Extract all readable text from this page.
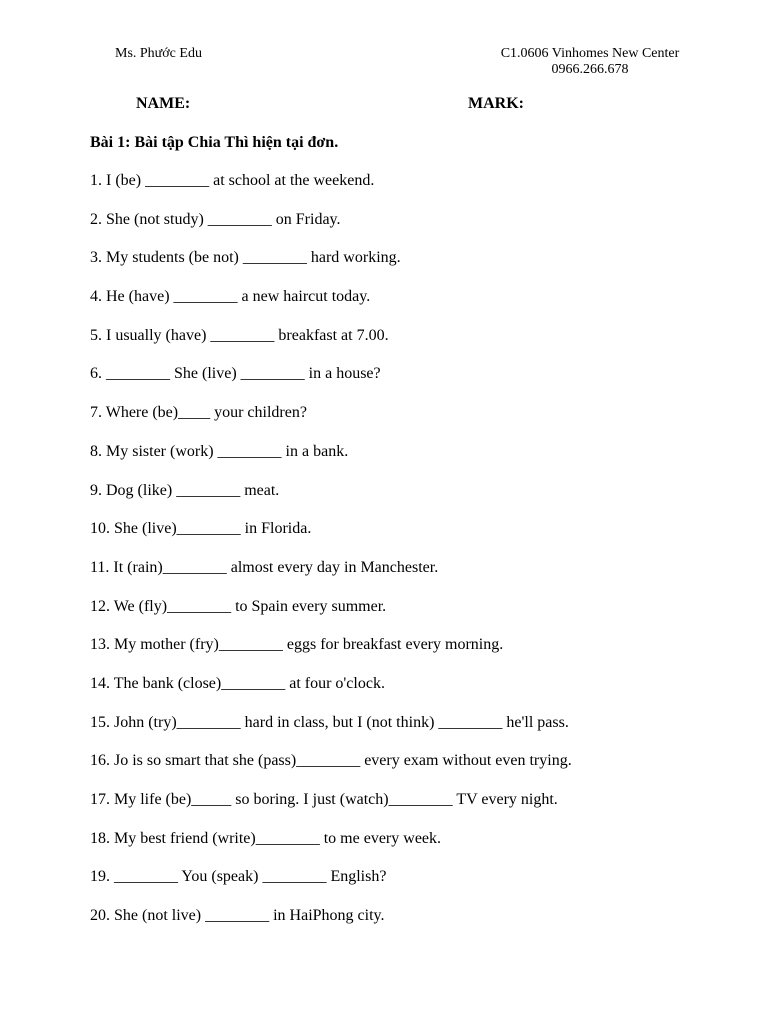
Ms. Phước Edu	C1.0606 Vinhomes New Center
0966.266.678
NAME:	MARK:
Bài 1: Bài tập Chia Thì hiện tại đơn.
1. I (be) ________ at school at the weekend.
2. She (not study) ________ on Friday.
3. My students (be not) ________ hard working.
4. He (have) ________ a new haircut today.
5. I usually (have) ________ breakfast at 7.00.
6. ________ She (live) ________ in a house?
7. Where (be)____ your children?
8. My sister (work) ________ in a bank.
9. Dog (like) ________ meat.
10. She (live)________ in Florida.
11. It (rain)________ almost every day in Manchester.
12. We (fly)________ to Spain every summer.
13. My mother (fry)________ eggs for breakfast every morning.
14. The bank (close)________ at four o'clock.
15. John (try)________ hard in class, but I (not think) ________ he'll pass.
16. Jo is so smart that she (pass)________ every exam without even trying.
17. My life (be)_____ so boring. I just (watch)________ TV every night.
18. My best friend (write)________ to me every week.
19. ________ You (speak) ________ English?
20. She (not live) ________ in HaiPhong city.
